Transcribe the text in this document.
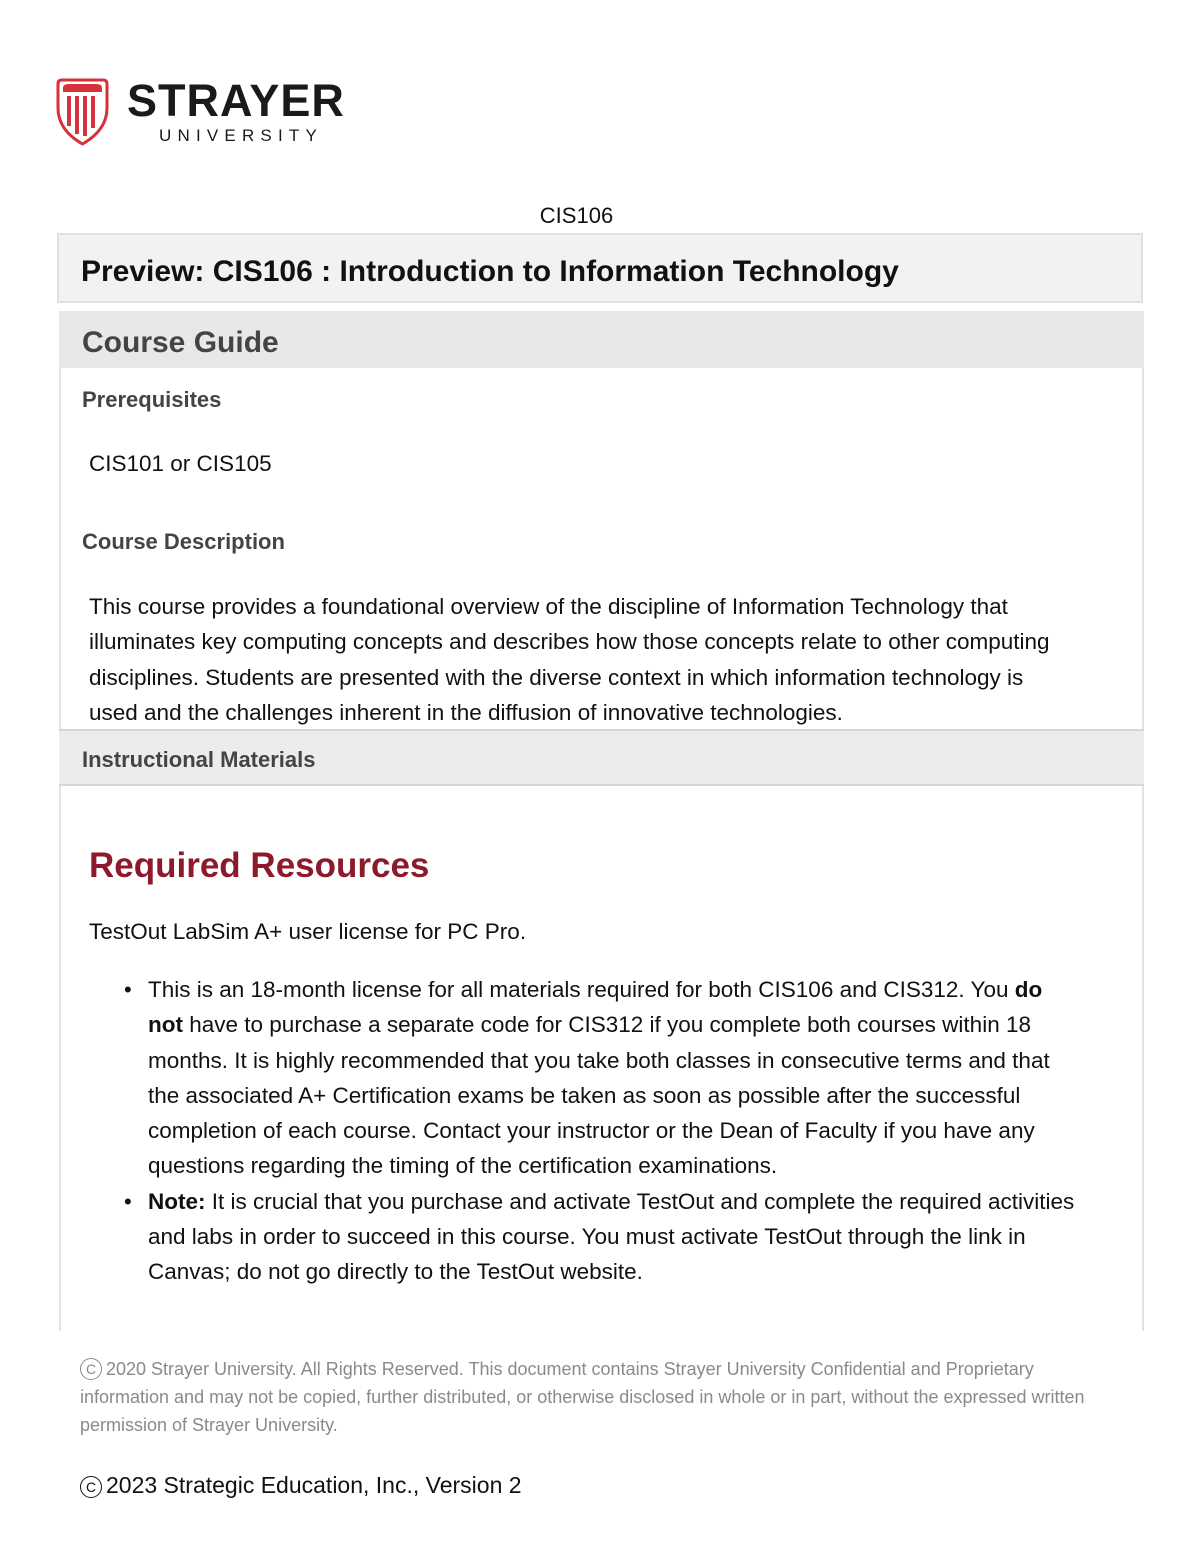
STRAYER
UNIVERSITY
CIS106
Preview: CIS106 : Introduction to Information Technology
Course Guide
Prerequisites
CIS101 or CIS105
Course Description
This course provides a foundational overview of the discipline of Information Technology that
illuminates key computing concepts and describes how those concepts relate to other computing
disciplines. Students are presented with the diverse context in which information technology is
used and the challenges inherent in the diffusion of innovative technologies.
Instructional Materials
Required Resources
TestOut LabSim A+ user license for PC Pro.
• This is an 18-month license for all materials required for both CIS106 and CIS312. You do
not have to purchase a separate code for CIS312 if you complete both courses within 18
months. It is highly recommended that you take both classes in consecutive terms and that
the associated A+ Certification exams be taken as soon as possible after the successful
completion of each course. Contact your instructor or the Dean of Faculty if you have any
questions regarding the timing of the certification examinations.
• Note: It is crucial that you purchase and activate TestOut and complete the required activities
and labs in order to succeed in this course. You must activate TestOut through the link in
Canvas; do not go directly to the TestOut website.
C 2020 Strayer University. All Rights Reserved. This document contains Strayer University Confidential and Proprietary
information and may not be copied, further distributed, or otherwise disclosed in whole or in part, without the expressed written
permission of Strayer University.
C 2023 Strategic Education, Inc., Version 2
